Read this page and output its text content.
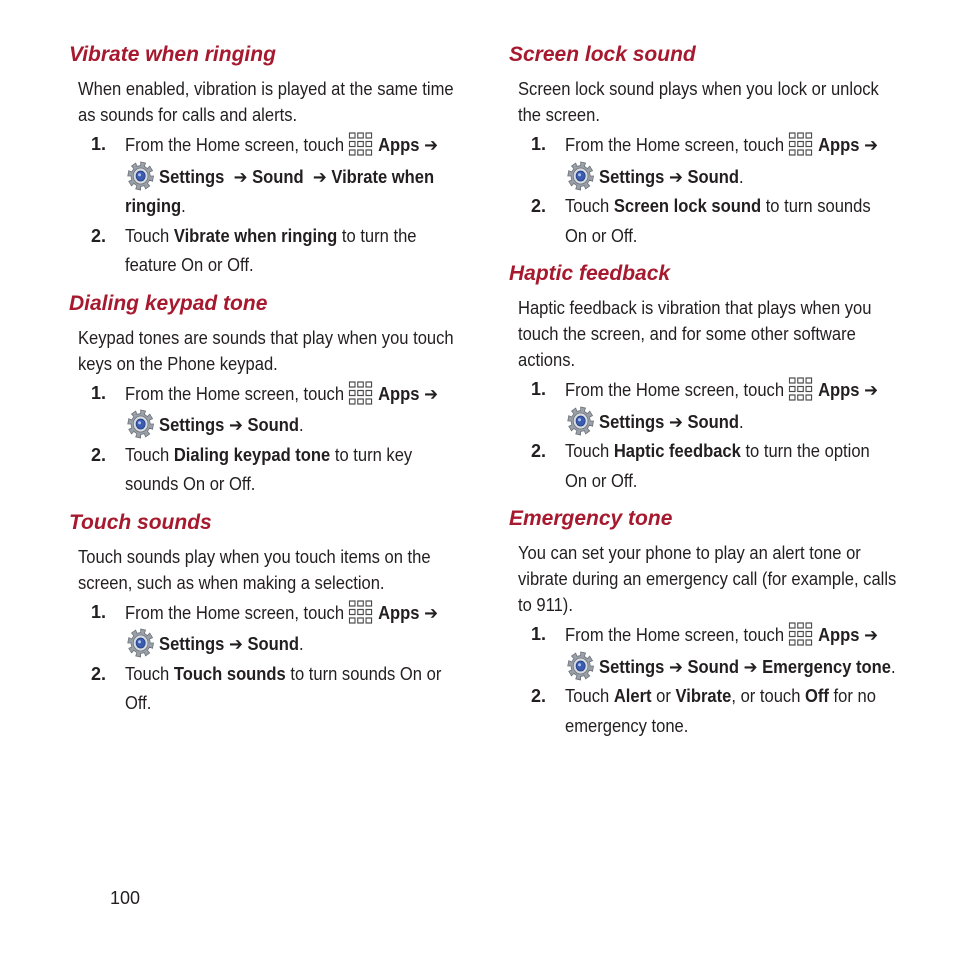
Vibrate when ringing

When enabled, vibration is played at the same time as sounds for calls and alerts.

1. From the Home screen, touch Apps ➔
Settings ➔ Sound ➔ Vibrate when ringing.
2. Touch Vibrate when ringing to turn the feature On or Off.
Dialing keypad tone

Keypad tones are sounds that play when you touch keys on the Phone keypad.

1. From the Home screen, touch Apps ➔
Settings ➔ Sound.
2. Touch Dialing keypad tone to turn key sounds On or Off.
Touch sounds

Touch sounds play when you touch items on the screen, such as when making a selection.

1. From the Home screen, touch Apps ➔
Settings ➔ Sound.
2. Touch Touch sounds to turn sounds On or Off.
Screen lock sound

Screen lock sound plays when you lock or unlock the screen.

1. From the Home screen, touch Apps ➔
Settings ➔ Sound.
2. Touch Screen lock sound to turn sounds On or Off.
Haptic feedback

Haptic feedback is vibration that plays when you touch the screen, and for some other software actions.

1. From the Home screen, touch Apps ➔
Settings ➔ Sound.
2. Touch Haptic feedback to turn the option On or Off.
Emergency tone

You can set your phone to play an alert tone or vibrate during an emergency call (for example, calls to 911).

1. From the Home screen, touch Apps ➔
Settings ➔ Sound ➔ Emergency tone.
2. Touch Alert or Vibrate, or touch Off for no emergency tone.
100
